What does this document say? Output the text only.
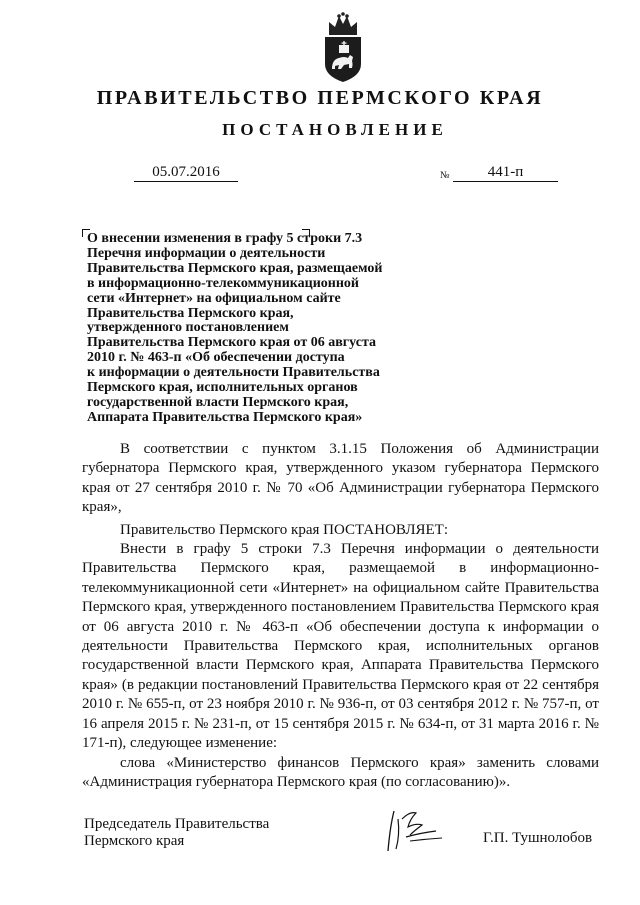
ПРАВИТЕЛЬСТВО ПЕРМСКОГО КРАЯ
ПОСТАНОВЛЕНИЕ
05.07.2016	№	441-п
О внесении изменения в графу 5 строки 7.3
Перечня информации о деятельности
Правительства Пермского края, размещаемой
в информационно-телекоммуникационной
сети «Интернет» на официальном сайте
Правительства Пермского края,
утвержденного постановлением
Правительства Пермского края от 06 августа
2010 г. № 463-п «Об обеспечении доступа
к информации о деятельности Правительства
Пермского края, исполнительных органов
государственной власти Пермского края,
Аппарата Правительства Пермского края»

В соответствии с пунктом 3.1.15 Положения об Администрации губернатора Пермского края, утвержденного указом губернатора Пермского края от 27 сентября 2010 г. № 70 «Об Администрации губернатора Пермского края»,

Правительство Пермского края ПОСТАНОВЛЯЕТ:

Внести в графу 5 строки 7.3 Перечня информации о деятельности Правительства Пермского края, размещаемой в информационно-телекоммуникационной сети «Интернет» на официальном сайте Правительства Пермского края, утвержденного постановлением Правительства Пермского края от 06 августа 2010 г. № 463-п «Об обеспечении доступа к информации о деятельности Правительства Пермского края, исполнительных органов государственной власти Пермского края, Аппарата Правительства Пермского края» (в редакции постановлений Правительства Пермского края от 22 сентября 2010 г. № 655-п, от 23 ноября 2010 г. № 936-п, от 03 сентября 2012 г. № 757-п, от 16 апреля 2015 г. № 231-п, от 15 сентября 2015 г. № 634-п, от 31 марта 2016 г. № 171-п), следующее изменение:

слова «Министерство финансов Пермского края» заменить словами «Администрация губернатора Пермского края (по согласованию)».

Председатель Правительства
Пермского края	Г.П. Тушнолобов
